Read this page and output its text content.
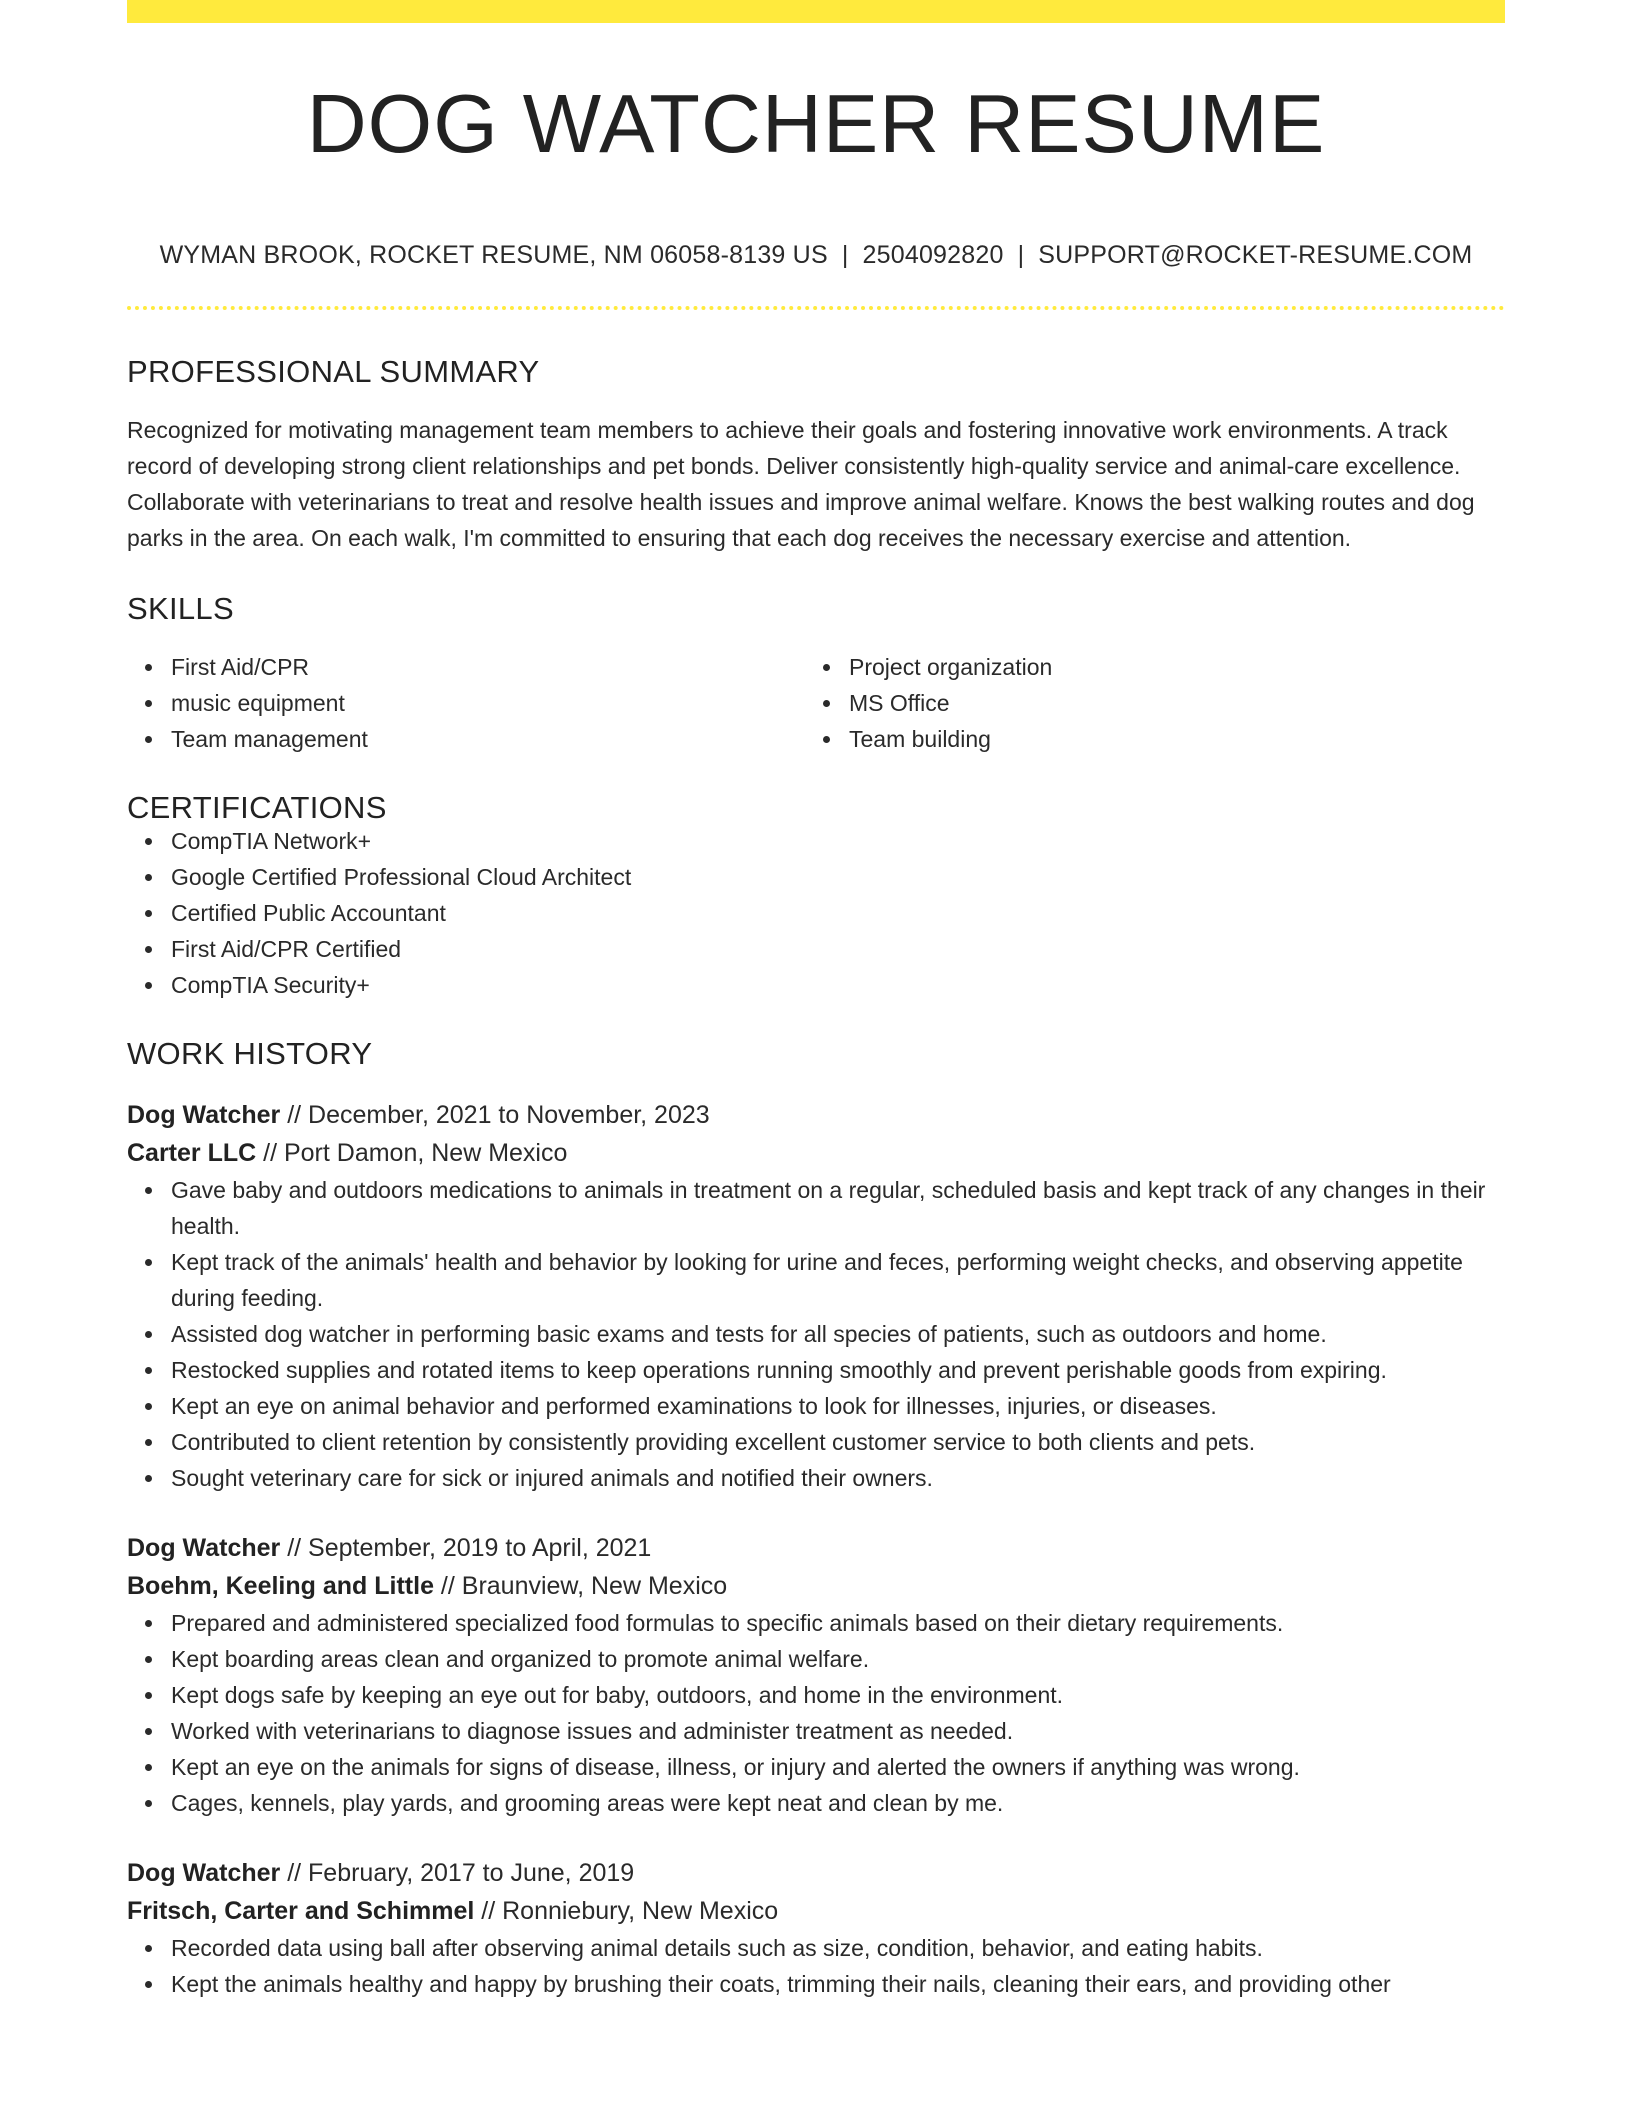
DOG WATCHER RESUME
WYMAN BROOK, ROCKET RESUME, NM 06058-8139 US | 2504092820 | SUPPORT@ROCKET-RESUME.COM
PROFESSIONAL SUMMARY

Recognized for motivating management team members to achieve their goals and fostering innovative work environments. A track record of developing strong client relationships and pet bonds. Deliver consistently high-quality service and animal-care excellence. Collaborate with veterinarians to treat and resolve health issues and improve animal welfare. Knows the best walking routes and dog parks in the area. On each walk, I'm committed to ensuring that each dog receives the necessary exercise and attention.

SKILLS
First Aid/CPR
music equipment
Team management
Project organization
MS Office
Team building
CERTIFICATIONS
CompTIA Network+
Google Certified Professional Cloud Architect
Certified Public Accountant
First Aid/CPR Certified
CompTIA Security+
WORK HISTORY
Dog Watcher // December, 2021 to November, 2023
Carter LLC // Port Damon, New Mexico
Gave baby and outdoors medications to animals in treatment on a regular, scheduled basis and kept track of any changes in their health.
Kept track of the animals' health and behavior by looking for urine and feces, performing weight checks, and observing appetite during feeding.
Assisted dog watcher in performing basic exams and tests for all species of patients, such as outdoors and home.
Restocked supplies and rotated items to keep operations running smoothly and prevent perishable goods from expiring.
Kept an eye on animal behavior and performed examinations to look for illnesses, injuries, or diseases.
Contributed to client retention by consistently providing excellent customer service to both clients and pets.
Sought veterinary care for sick or injured animals and notified their owners.
Dog Watcher // September, 2019 to April, 2021
Boehm, Keeling and Little // Braunview, New Mexico
Prepared and administered specialized food formulas to specific animals based on their dietary requirements.
Kept boarding areas clean and organized to promote animal welfare.
Kept dogs safe by keeping an eye out for baby, outdoors, and home in the environment.
Worked with veterinarians to diagnose issues and administer treatment as needed.
Kept an eye on the animals for signs of disease, illness, or injury and alerted the owners if anything was wrong.
Cages, kennels, play yards, and grooming areas were kept neat and clean by me.
Dog Watcher // February, 2017 to June, 2019
Fritsch, Carter and Schimmel // Ronniebury, New Mexico
Recorded data using ball after observing animal details such as size, condition, behavior, and eating habits.
Kept the animals healthy and happy by brushing their coats, trimming their nails, cleaning their ears, and providing other
